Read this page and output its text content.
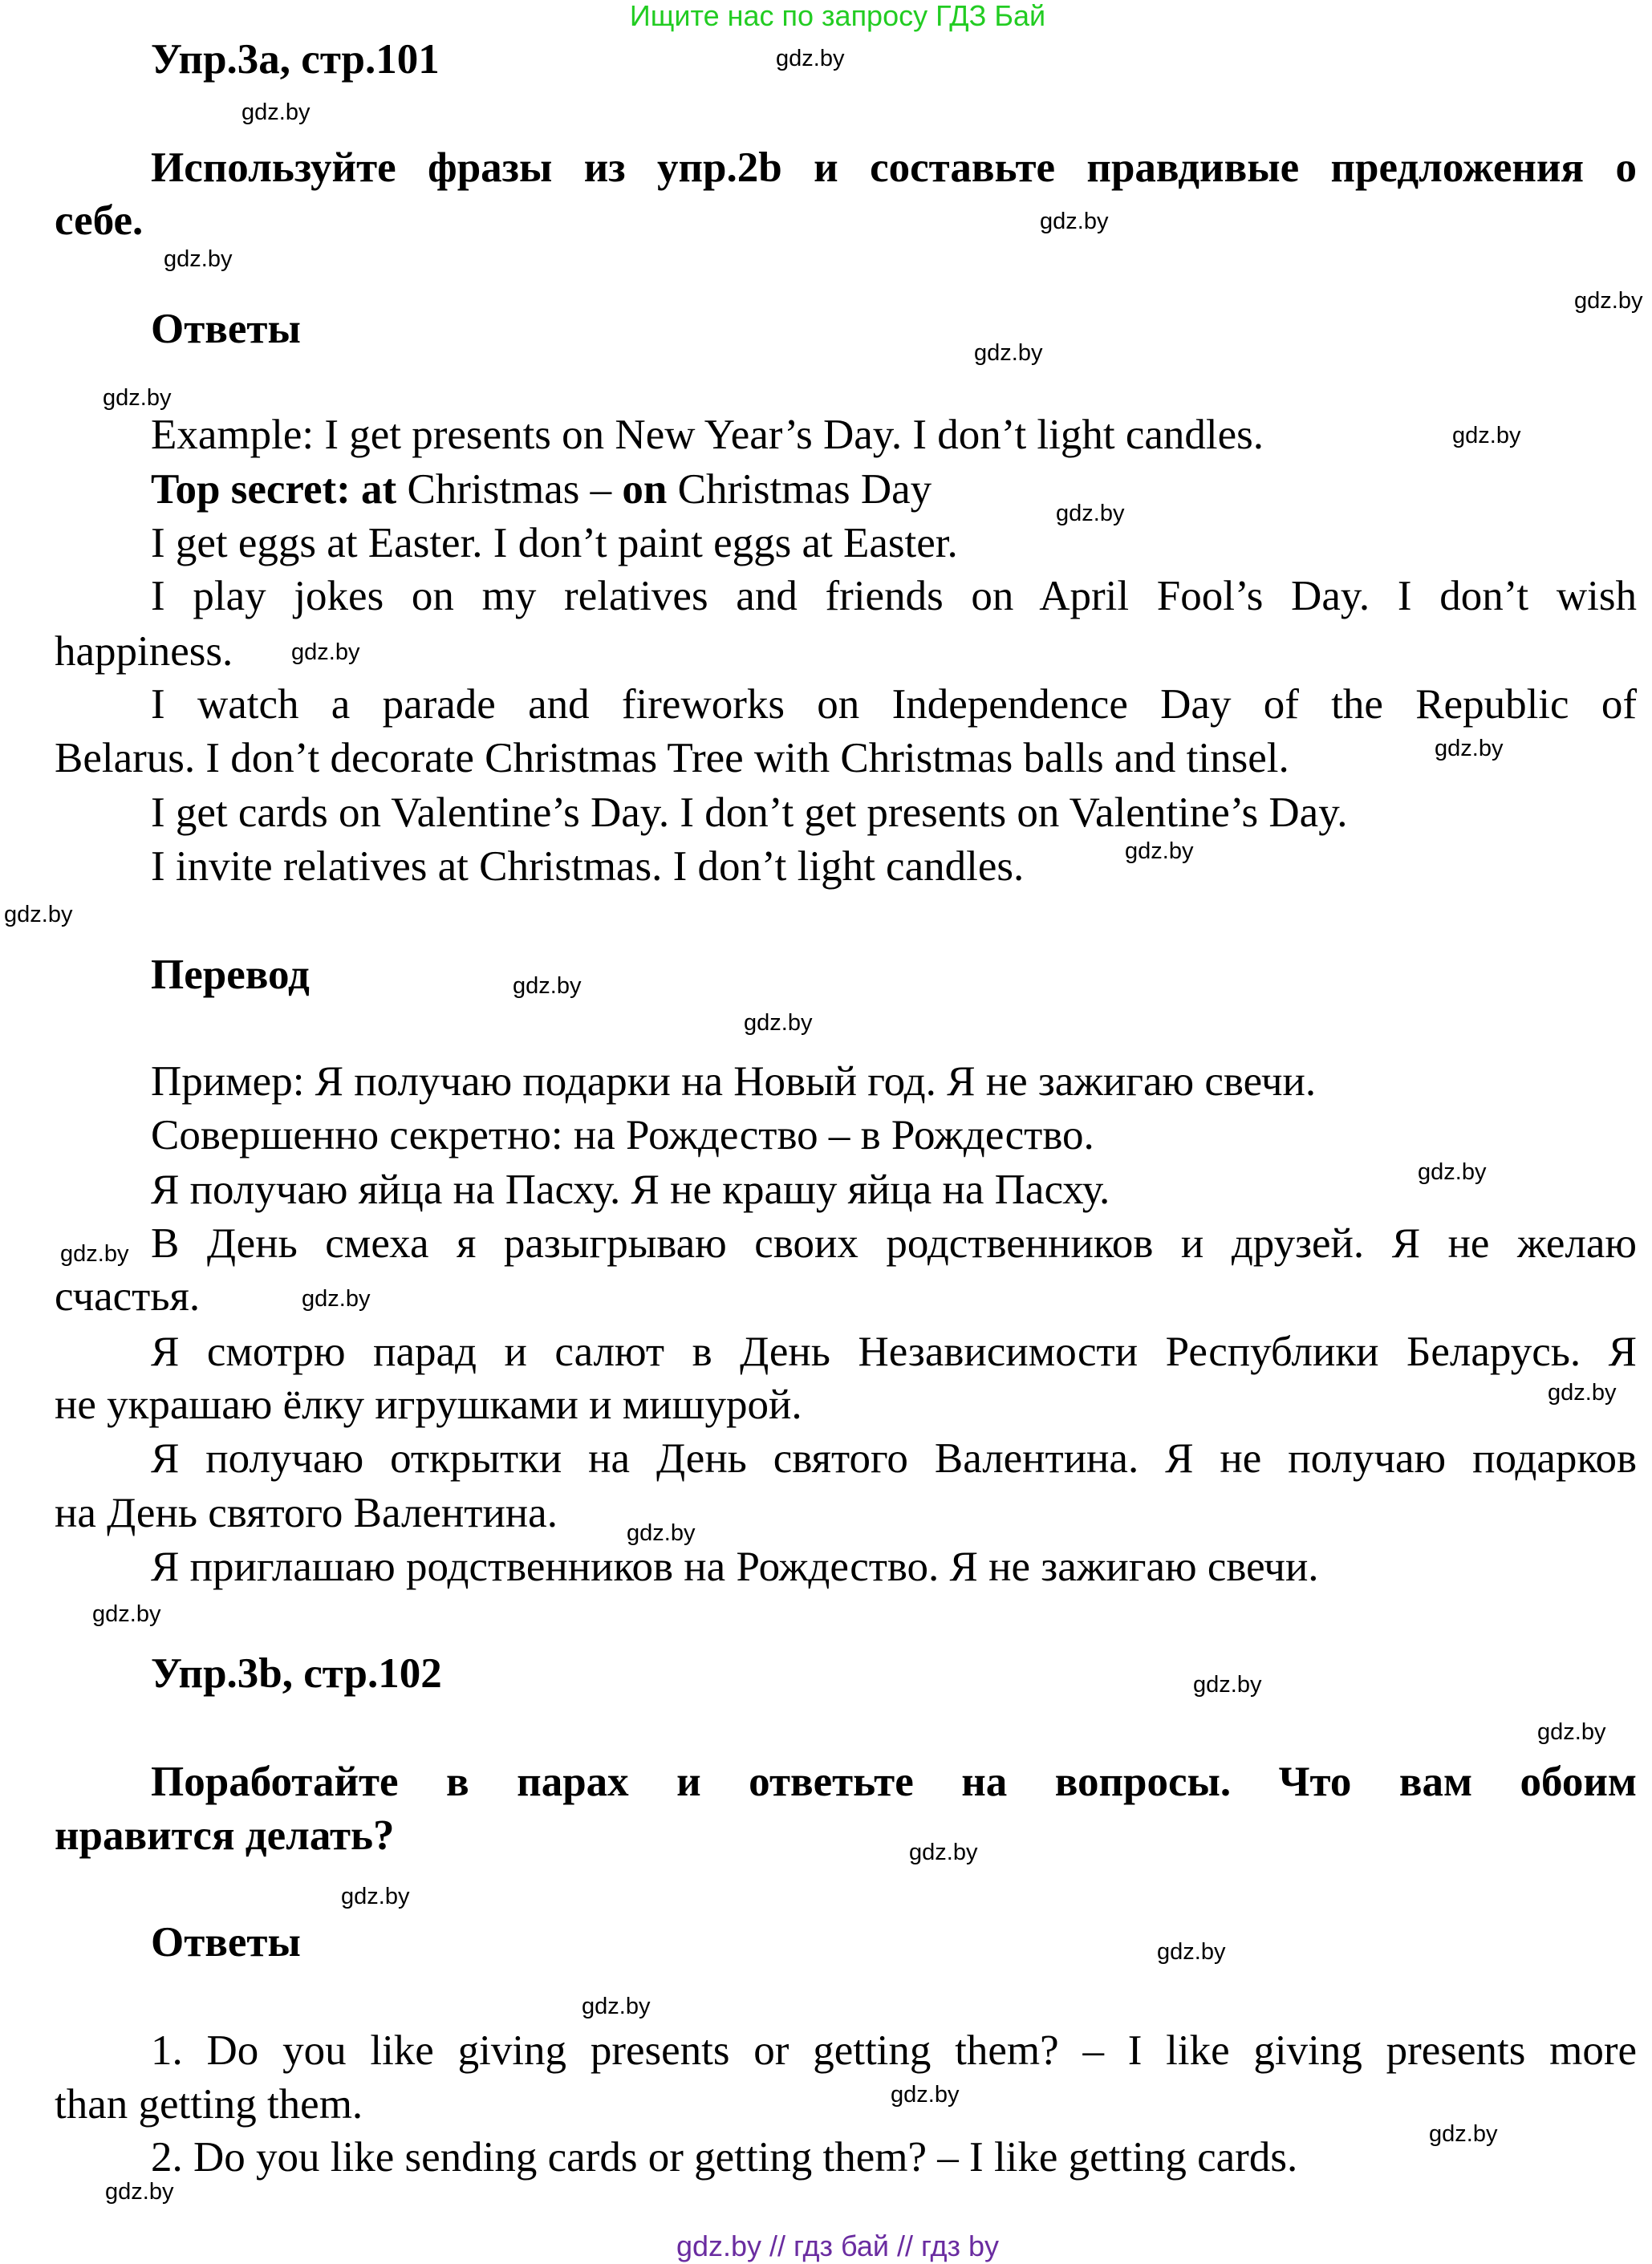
Ищите нас по запросу ГДЗ Бай
Упр.3а, стр.101
Используйте фразы из упр.2b и составьте правдивые предложения о
себе.
Ответы
Example: I get presents on New Year’s Day. I don’t light candles.
Top secret: at Christmas – on Christmas Day
I get eggs at Easter. I don’t paint eggs at Easter.
I play jokes on my relatives and friends on April Fool’s Day. I don’t wish
happiness.
I watch a parade and fireworks on Independence Day of the Republic of
Belarus. I don’t decorate Christmas Tree with Christmas balls and tinsel.
I get cards on Valentine’s Day. I don’t get presents on Valentine’s Day.
I invite relatives at Christmas. I don’t light candles.
Перевод
Пример: Я получаю подарки на Новый год. Я не зажигаю свечи.
Совершенно секретно: на Рождество – в Рождество.
Я получаю яйца на Пасху. Я не крашу яйца на Пасху.
В День смеха я разыгрываю своих родственников и друзей. Я не желаю
счастья.
Я смотрю парад и салют в День Независимости Республики Беларусь. Я
не украшаю ёлку игрушками и мишурой.
Я получаю открытки на День святого Валентина. Я не получаю подарков
на День святого Валентина.
Я приглашаю родственников на Рождество. Я не зажигаю свечи.
Упр.3b, стр.102
Поработайте в парах и ответьте на вопросы. Что вам обоим
нравится делать?
Ответы
1. Do you like giving presents or getting them? – I like giving presents more
than getting them.
2. Do you like sending cards or getting them? – I like getting cards.
gdz.by
gdz.by
gdz.by
gdz.by
gdz.by
gdz.by
gdz.by
gdz.by
gdz.by
gdz.by
gdz.by
gdz.by
gdz.by
gdz.by
gdz.by
gdz.by
gdz.by
gdz.by
gdz.by
gdz.by
gdz.by
gdz.by
gdz.by
gdz.by
gdz.by
gdz.by
gdz.by
gdz.by
gdz.by
gdz.by
gdz.by // гдз бай // гдз by
